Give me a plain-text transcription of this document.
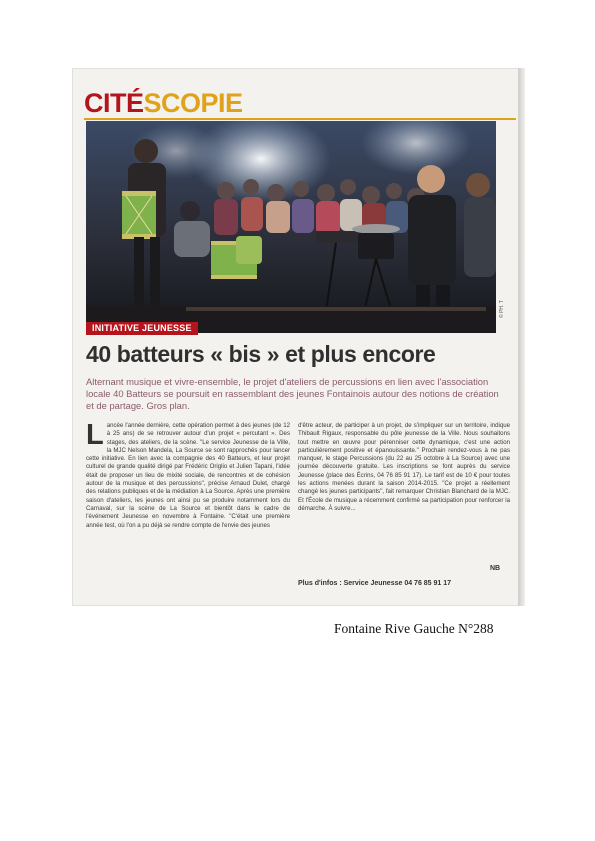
CITÉSCOPIE
© PH. T
INITIATIVE JEUNESSE
40 batteurs « bis » et plus encore
Alternant musique et vivre-ensemble, le projet d'ateliers de percussions en lien avec l'association locale 40 Batteurs se poursuit en rassemblant des jeunes Fontainois autour des notions de création et de partage. Gros plan.
Lancée l'année dernière, cette opération permet à des jeunes (de 12 à 25 ans) de se retrouver autour d'un projet « percutant ». Des stages, des ateliers, de la scène. "Le service Jeunesse de la Ville, la MJC Nelson Mandela, La Source se sont rapprochés pour lancer cette initiative. En lien avec la compagnie des 40 Batteurs, et leur projet culturel de grande qualité dirigé par Frédéric Origlio et Julien Tapani, l'idée était de proposer un lieu de mixité sociale, de rencontres et de cohésion autour de la musique et des percussions", précise Arnaud Dulet, chargé des relations publiques et de la médiation à La Source. Après une première saison d'ateliers, les jeunes ont ainsi pu se produire notamment lors du Carnaval, sur la scène de La Source et bientôt dans le cadre de l'événement Jeunesse en novembre à Fontaine. "C'était une première année test, où l'on a pu déjà se rendre compte de l'envie des jeunes
d'être acteur, de participer à un projet, de s'impliquer sur un territoire, indique Thibault Rigaux, responsable du pôle jeunesse de la Ville. Nous souhaitons tout mettre en œuvre pour pérenniser cette dynamique, c'est une action particulièrement positive et épanouissante." Prochain rendez-vous à ne pas manquer, le stage Percussions (du 22 au 25 octobre à La Source) avec une journée découverte gratuite. Les inscriptions se font auprès du service Jeunesse (place des Écrins, 04 76 85 91 17). Le tarif est de 10 € pour toutes les actions menées durant la saison 2014-2015. "Ce projet a réellement changé les jeunes participants", fait remarquer Christian Blanchard de la MJC. Et l'École de musique a récemment confirmé sa participation pour renforcer la démarche. À suivre...
NB
Plus d'infos : Service Jeunesse 04 76 85 91 17
Fontaine Rive Gauche N°288
